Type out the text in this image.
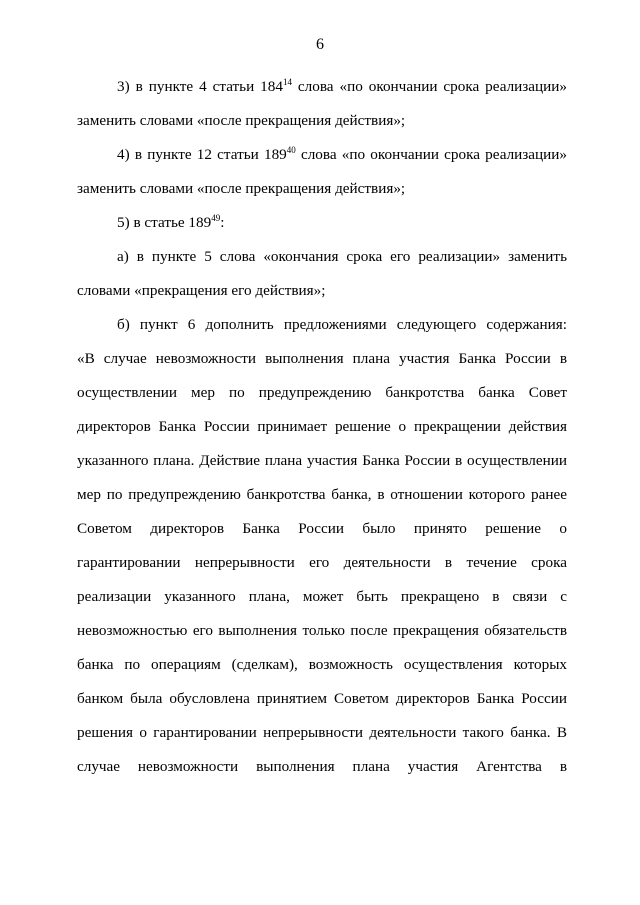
6
3) в пункте 4 статьи $184^{14}$ слова «по окончании срока реализации»
заменить словами «после прекращения действия»;
4) в пункте 12 статьи $189^{40}$ слова «по окончании срока реализации»
заменить словами «после прекращения действия»;
5) в статье $189^{49}$:
а) в пункте 5 слова «окончания срока его реализации» заменить
словами «прекращения его действия»;
б) пункт 6 дополнить предложениями следующего содержания:
«В случае невозможности выполнения плана участия Банка России в
осуществлении мер по предупреждению банкротства банка Совет
директоров Банка России принимает решение о прекращении действия
указанного плана. Действие плана участия Банка России в осуществлении
мер по предупреждению банкротства банка, в отношении которого ранее
Советом директоров Банка России было принято решение о
гарантировании непрерывности его деятельности в течение срока
реализации указанного плана, может быть прекращено в связи с
невозможностью его выполнения только после прекращения обязательств
банка по операциям (сделкам), возможность осуществления которых
банком была обусловлена принятием Советом директоров Банка России
решения о гарантировании непрерывности деятельности такого банка. В
случае невозможности выполнения плана участия Агентства в
